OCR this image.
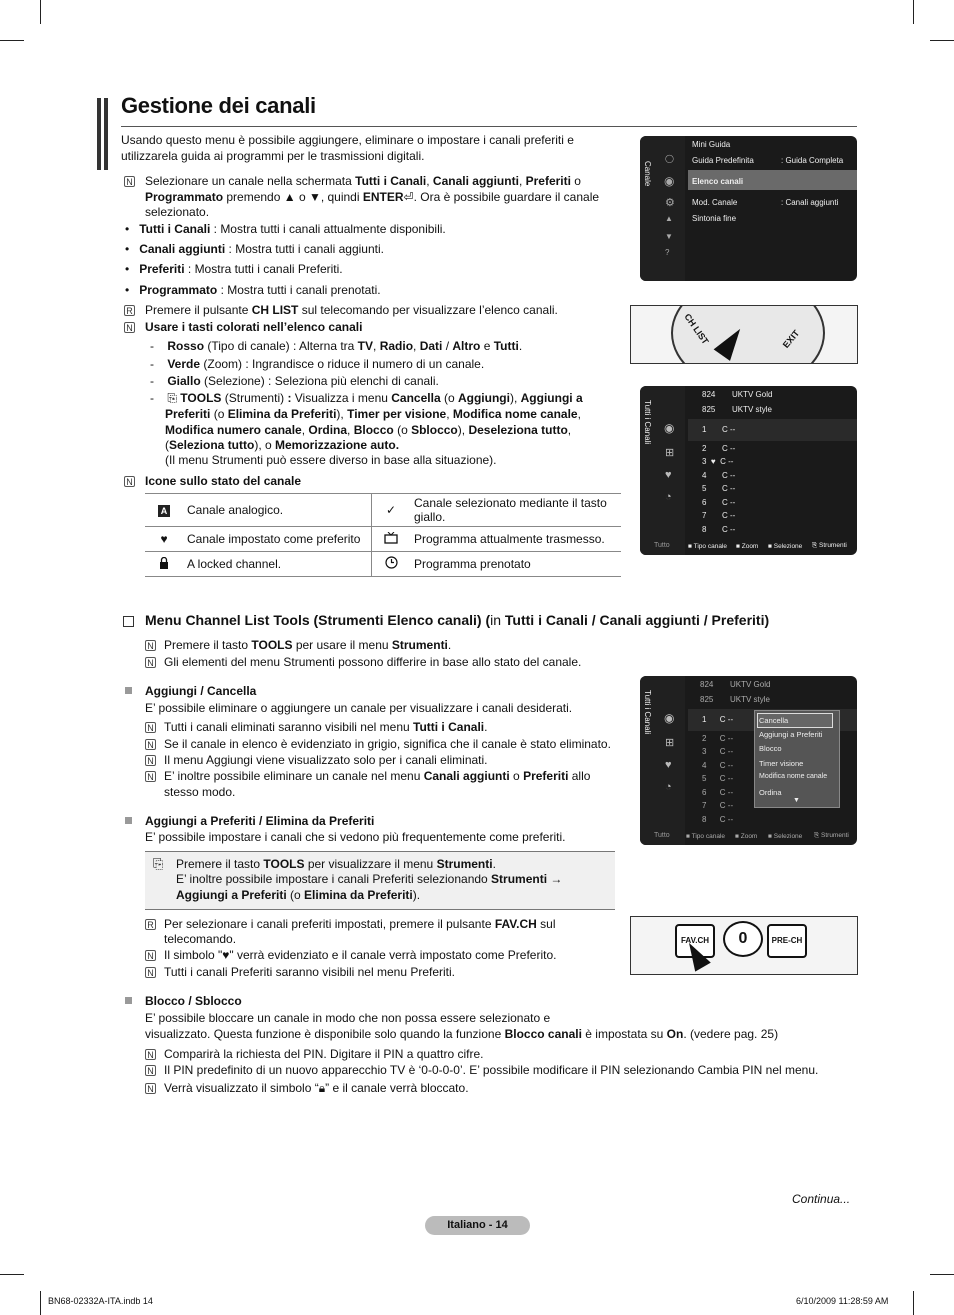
Gestione dei canali
Usando questo menu è possibile aggiungere, eliminare o impostare i canali preferiti e utilizzarela guida ai programmi per le trasmissioni digitali.
N Selezionare un canale nella schermata Tutti i Canali, Canali aggiunti, Preferiti o Programmato premendo ▲ o ▼, quindi ENTER⏎. Ora è possibile guardare il canale selezionato.
•   Tutti i Canali : Mostra tutti i canali attualmente disponibili.
•   Canali aggiunti : Mostra tutti i canali aggiunti.
•   Preferiti : Mostra tutti i canali Preferiti.
•   Programmato : Mostra tutti i canali prenotati.
R Premere il pulsante CH LIST sul telecomando per visualizzare l’elenco canali.
N Usare i tasti colorati nell’elenco canali
-    Rosso (Tipo di canale) : Alterna tra TV, Radio, Dati / Altro e Tutti.
-    Verde (Zoom) : Ingrandisce o riduce il numero di un canale.
-    Giallo (Selezione) : Seleziona più elenchi di canali.
-    ⎘ TOOLS (Strumenti) : Visualizza i menu Cancella (o Aggiungi), Aggiungi a
Preferiti (o Elimina da Preferiti), Timer per visione, Modifica nome canale,
Modifica numero canale, Ordina, Blocco (o Sblocco), Deseleziona tutto,
(Seleziona tutto), o Memorizzazione auto.
(Il menu Strumenti può essere diverso in base alla situazione).
N Icone sullo stato del canale
A	Canale analogico.	✓	Canale selezionato mediante il tasto giallo.
♥	Canale impostato come preferito		Programma attualmente trasmesso.
	A locked channel.		Programma prenotato
Canale
◯
◉
⚙
▲
▼
?
Mini Guida
Guida Predefinita	: Guida Completa
Elenco canali
Mod. Canale	: Canali aggiunti
Sintonia fine
CH LIST	EXIT
Tutti i Canali ◉
⊞
♥
◔
824 UKTV Gold
825 UKTV style
1 C --
2 C --
3  ♥  C --
4 C --
5 C --
6 C --
7 C --
8 C --
Tutto	■ Tipo canale ■ Zoom ■ Selezione ⎘ Strumenti
Menu Channel List Tools (Strumenti Elenco canali) (in Tutti i Canali / Canali aggiunti / Preferiti)
N Premere il tasto TOOLS per usare il menu Strumenti.
N Gli elementi del menu Strumenti possono differire in base allo stato del canale.
Aggiungi / Cancella
E’ possibile eliminare o aggiungere un canale per visualizzare i canali desiderati.
N Tutti i canali eliminati saranno visibili nel menu Tutti i Canali.
N Se il canale in elenco è evidenziato in grigio, significa che il canale è stato eliminato.
N Il menu Aggiungi viene visualizzato solo per i canali eliminati.
N E’ inoltre possibile eliminare un canale nel menu Canali aggiunti o Preferiti allo
stesso modo.
Aggiungi a Preferiti / Elimina da Preferiti
E’ possibile impostare i canali che si vedono più frequentemente come preferiti.
⎘ Premere il tasto TOOLS per visualizzare il menu Strumenti.
E’ inoltre possibile impostare i canali Preferiti selezionando Strumenti →
Aggiungi a Preferiti (o Elimina da Preferiti).
R Per selezionare i canali preferiti impostati, premere il pulsante FAV.CH sul
telecomando.
N Il simbolo "♥" verrà evidenziato e il canale verrà impostato come Preferito.
N Tutti i canali Preferiti saranno visibili nel menu Preferiti.
Tutti i Canali ◉
⊞
♥
◔
824 UKTV Gold
825 UKTV style
1 C --
2 C --
3 C --
4 C --
5 C --
6 C --
7 C --
8 C --
Cancella
Aggiungi a Preferiti
Blocco
Timer visione
Modifica nome canale
Ordina
▼
Tutto	■ Tipo canale ■ Zoom ■ Selezione ⎘ Strumenti
FAV.CH	0	PRE-CH
Blocco / Sblocco
E’ possibile bloccare un canale in modo che non possa essere selezionato e
visualizzato. Questa funzione è disponibile solo quando la funzione Blocco canali è impostata su On. (vedere pag. 25)
N Comparirà la richiesta del PIN. Digitare il PIN a quattro cifre.
N Il PIN predefinito di un nuovo apparecchio TV è ‘0-0-0-0’. E’ possibile modificare il PIN selezionando Cambia PIN nel menu.
N Verrà visualizzato il simbolo “🔒︎” e il canale verrà bloccato.
Continua...
Italiano - 14
BN68-02332A-ITA.indb 14	6/10/2009 11:28:59 AM
